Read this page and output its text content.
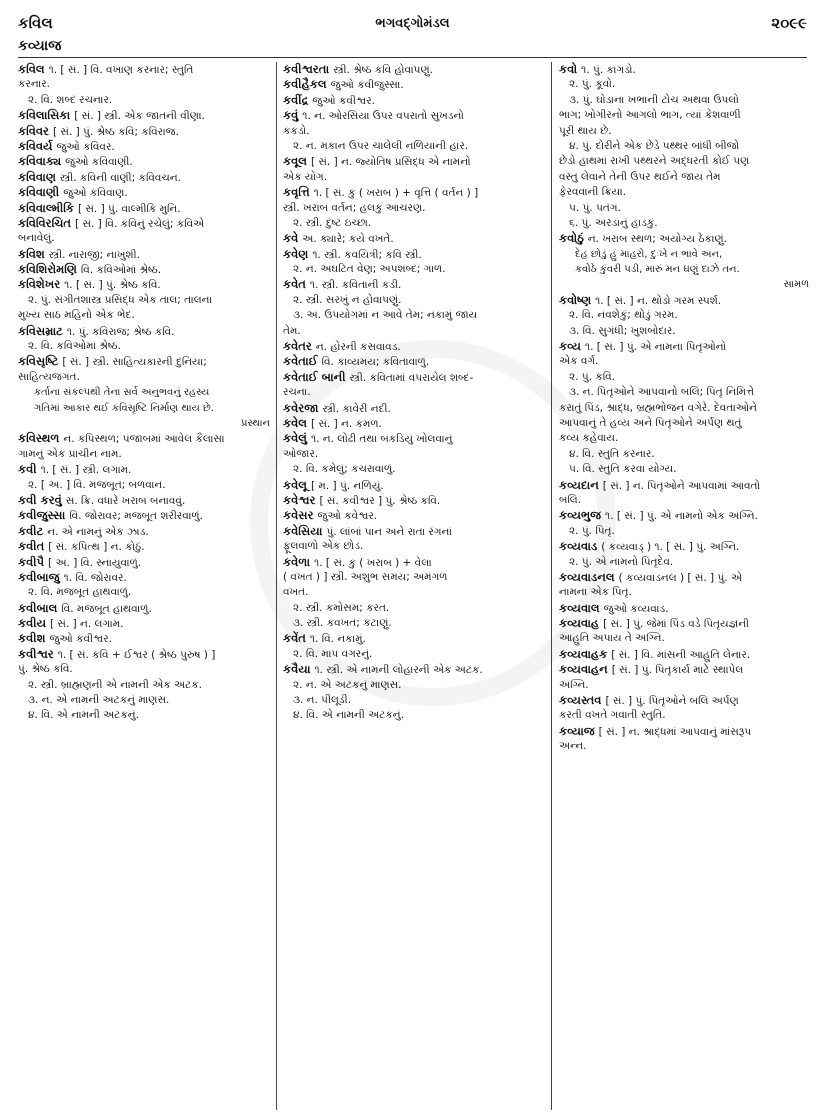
કવિલ	ભગવદ્ગોમંડલ	૨૦૯૯
કવ્યાજ
કવિલ ૧. [ સં. ] વિ. વખાણ કરનાર; સ્તુતિ
કરનાર.
૨. વિ. શબ્દ રચનાર.
કવિલાસિકા [ સં. ] સ્ત્રી. એક જાતની વીણા.
કવિવર [ સં. ] પું. શ્રેષ્ઠ કવિ; કવિરાજ.
કવિવર્ય જુઓ કવિવર.
કવિવાક્ય જુઓ કવિવાણી.
કવિવાણ સ્ત્રી. કવિની વાણી; કવિવચન.
કવિવાણી જુઓ કવિવાણ.
કવિવાલ્મીકિ [ સં. ] પું. વાલ્મીકિ મુનિ.
કવિવિરચિત [ સં. ] વિ. કવિનું રચેલું; કવિએ
બનાવેલું.
કવિશ સ્ત્રી. નારાજી; નાખુશી.
કવિશિરોમણિ વિ. કવિઓમાં શ્રેષ્ઠ.
કવિશેખર ૧. [ સં. ] પું. શ્રેષ્ઠ કવિ.
૨. પું. સંગીતશાસ્ત્ર પ્રસિદ્ધ એક તાલ; તાલના
મુખ્ય સાઠ મહિનો એક ભેદ.
કવિસમ્રાટ ૧. પું. કવિરાજ; શ્રેષ્ઠ કવિ.
૨. વિ. કવિઓમાં શ્રેષ્ઠ.
કવિસૃષ્ટિ [ સં. ] સ્ત્રી. સાહિત્યકારની દુનિયા;
સાહિત્યજગત.
કર્તાના સંકલ્પથી તેના સર્વ અનુભવનું રહસ્ય
ગતિમાં આકાર થઈ કવિસૃષ્ટિ નિર્માણ થાય છે.
પ્રસ્થાન
કવિસ્થળ ન. કપિસ્થળ; પંજાબમાં આવેલ કૈલાસા
ગામનું એક પ્રાચીન નામ.
કવી ૧. [ સં. ] સ્ત્રી. લગામ.
૨. [ અ. ] વિ. મજબૂત; બળવાન.
કવી કરવું સ. ક્રિ. વધારે ખરાબ બનાવવું.
કવીજુસ્સા વિ. જોરાવર; મજબૂત શરીરવાળું.
કવીટ ન. એ નામનું એક ઝાડ.
કવીત [ સં. કપિત્થ ] ન. કોઠું.
કવીપૈ [ અ. ] વિ. સ્નાયુવાળું.
કવીબાજુ ૧. વિ. જોરાવર.
૨. વિ. મજબૂત હાથવાળું.
કવીબાલ વિ. મજબૂત હાથવાળું.
કવીય [ સં. ] ન. લગામ.
કવીશ જુઓ કવીશ્વર.
કવીશ્વર ૧. [ સં. કવિ + ઈશ્વર ( શ્રેષ્ઠ પુરુષ ) ]
પું. શ્રેષ્ઠ કવિ.
૨. સ્ત્રી. બ્રાહ્મણની એ નામની એક અટક.
૩. ન. એ નામની અટકનું માણસ.
૪. વિ. એ નામની અટકનું.
કવીશ્વરતા સ્ત્રી. શ્રેષ્ઠ કવિ હોવાપણું.
કવીહૈકલ જુઓ કવીજુસ્સા.
કવીંદ્ર જુઓ કવીશ્વર.
કવું ૧. ન. ઓરસિયા ઉપર વપરાતો સુખડનો
કકડો.
૨. ન. મકાન ઉપર ચાલેલી નળિયાની હાર.
કવૂલ [ સં. ] ન. જ્યોતિષ પ્રસિદ્ધ એ નામનો
એક યોગ.
કવૃત્તિ ૧. [ સં. કુ ( ખરાબ ) + વૃત્તિ ( વર્તન ) ]
સ્ત્રી. ખરાબ વર્તન; હલકું આચરણ.
૨. સ્ત્રી. દુષ્ટ ઇચ્છા.
કવે અ. ક્યારે; કયે વખતે.
કવેણ ૧. સ્ત્રી. કવયિત્રી; કવિ સ્ત્રી.
૨. ન. અઘટિત વેણ; અપશબ્દ; ગાળ.
કવેત ૧. સ્ત્રી. કવિતાની કડી.
૨. સ્ત્રી. સરખું ન હોવાપણું.
૩. અ. ઉપયોગમાં ન આવે તેમ; નકામું જાય
તેમ.
કવેતર ન. હોરની કસવાવડ.
કવેતાઈ વિ. કાવ્યમય; કવિતાવાળું.
કવેતાઈ બાની સ્ત્રી. કવિતામાં વપરાયેલ શબ્દ-
રચના.
કવેરજા સ્ત્રી. કાવેરી નદી.
કવેલ [ સં. ] ન. કમળ.
કવેલું ૧. ન. લોઢી તથા બકડિયું ખોલવાનું
ઓજાર.
૨. વિ. કમેલું; કચરાવાળું.
કવેલૂ [ મ. ] પું. નળિયું.
કવેશ્વર [ સં. કવીશ્વર ] પું. શ્રેષ્ઠ કવિ.
કવેસર જુઓ કવેશ્વર.
કવેસિયા પું. લાંબાં પાન અને રાતા રંગનાં
ફૂલવાળો એક છોડ.
કવેળા ૧. [ સં. કુ ( ખરાબ ) + વેલા
( વખત ) ] સ્ત્રી. અશુભ સમય; અમંગળ
વખત.
૨. સ્ત્રી. કમોસમ; કરત.
૩. સ્ત્રી. કવખત; કટાણું.
કવેંત ૧. વિ. નકામું.
૨. વિ. માપ વગરનું.
કવૈયા ૧. સ્ત્રી. એ નામની લોહારની એક અટક.
૨. ન. એ અટકનું માણસ.
૩. ન. પીલૂડી.
૪. વિ. એ નામની અટકનું.
કવો ૧. પું. કાગડો.
૨. પું. કૂવો.
૩. પું. ઘોડાના ખભાની ટોચ અથવા ઉપલો
ભાગ; ખોગીરનો આગલો ભાગ, ત્યાં કેશવાળી
પૂરી થાય છે.
૪. પું. દોરીને એક છેડે પથ્થર બાંધી બીજો
છેડો હાથમાં રાખી પથ્થરને અદ્ધરતી કોઈ પણ
વસ્તુ લેવાને તેની ઉપર થઈને જાય તેમ
ફેરવવાની ક્રિયા.
૫. પું. પતંગ.
૬. પું. અરડાનું હાડકું.
કવોઠું ન. ખરાબ સ્થળ; અયોગ્ય ઠેકાણું.
દેહ છોડું હું માહરો, દુઃખે ન ભાવે અન,
કવોઠે કુંવરી પડી, મારું મન ઘણું દાઝે તન.
સામળ
કવોષ્ણ ૧. [ સં. ] ન. થોડો ગરમ સ્પર્શ.
૨. વિ. નવશેકું; થોડું ગરમ.
૩. વિ. સુગંધી; ખુશબોદાર.
કવ્ય ૧. [ સં. ] પું. એ નામના પિતૃઓનો
એક વર્ગ.
૨. પું. કવિ.
૩. ન. પિતૃઓને આપવાનો બલિ; પિતૃ નિમિત્તે
કરાતું પિંડ, શ્રાદ્ધ, બ્રહ્મભોજન વગેરે. દેવતાઓને
આપવાનું તે હવ્ય અને પિતૃઓને અર્પણ થતું
કવ્ય કહેવાય.
૪. વિ. સ્તુતિ કરનાર.
૫. વિ. સ્તુતિ કરવા યોગ્ય.
કવ્યદાન [ સં. ] ન. પિતૃઓને આપવામાં આવતો
બલિ.
કવ્યભુજ ૧. [ સં. ] પું. એ નામનો એક અગ્નિ.
૨. પું. પિતૃ.
કવ્યવાડ ( કવ્યવાડ્ ) ૧. [ સં. ] પું. અગ્નિ.
૨. પું. એ નામનો પિતૃદેવ.
કવ્યવાડનલ ( કવ્યવાડનલ ) [ સં. ] પું. એ
નામના એક પિતૃ.
કવ્યવાલ જુઓ કવ્યવાડ.
કવ્યવાહ [ સં. ] પું. જેમાં પિંડ વડે પિતૃયજ્ઞની
આહુતિ અપાય તે અગ્નિ.
કવ્યવાહક [ સં. ] વિ. માંસની આહુતિ લેનાર.
કવ્યવાહન [ સં. ] પું. પિતૃકાર્ય માટે સ્થાપેલ
અગ્નિ.
કવ્યસ્તવ [ સં. ] પું. પિતૃઓને બલિ અર્પણ
કરતી વખતે ગવાતી સ્તુતિ.
કવ્યાજ [ સં. ] ન. શ્રાદ્ધમાં આપવાનું માંસરૂપ
અન્ન.
